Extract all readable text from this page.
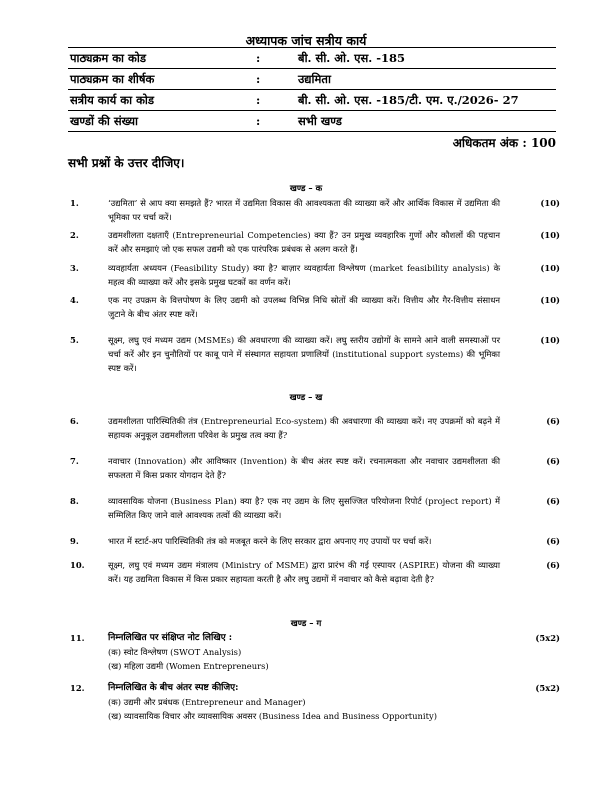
अध्यापक जांच सत्रीय कार्य
पाठ्यक्रम का कोड	:	बी. सी. ओ. एस. -185
पाठ्यक्रम का शीर्षक	:	उद्यमिता
सत्रीय कार्य का कोड	:	बी. सी. ओ. एस. -185/टी. एम. ए./2026- 27
खण्डों की संख्या	:	सभी खण्ड
अधिकतम अंक : 100
सभी प्रश्नों के उत्तर दीजिए।
खण्ड – क
1.	‘उद्यमिता’ से आप क्या समझते हैं? भारत में उद्यमिता विकास की आवश्यकता की व्याख्या करें और आर्थिक विकास में उद्यमिता की भूमिका पर चर्चा करें।
(10)
2.	उद्यमशीलता दक्षताएँ (Entrepreneurial Competencies) क्या हैं? उन प्रमुख व्यवहारिक गुणों और कौशलों की पहचान करें और समझाएं जो एक सफल उद्यमी को एक पारंपरिक प्रबंधक से अलग करते हैं।
(10)
3.	व्यवहार्यता अध्ययन (Feasibility Study) क्या है? बाज़ार व्यवहार्यता विश्लेषण (market feasibility analysis) के महत्व की व्याख्या करें और इसके प्रमुख घटकों का वर्णन करें।
(10)
4.	एक नए उपक्रम के वित्तपोषण के लिए उद्यमी को उपलब्ध विभिन्न निधि स्रोतों की व्याख्या करें। वित्तीय और गैर-वित्तीय संसाधन जुटाने के बीच अंतर स्पष्ट करें।
(10)
5.	सूक्ष्म, लघु एवं मध्यम उद्यम (MSMEs) की अवधारणा की व्याख्या करें। लघु स्तरीय उद्योगों के सामने आने वाली समस्याओं पर चर्चा करें और इन चुनौतियों पर काबू पाने में संस्थागत सहायता प्रणालियों (institutional support systems) की भूमिका स्पष्ट करें।
(10)
खण्ड – ख
6.	उद्यमशीलता पारिस्थितिकी तंत्र (Entrepreneurial Eco-system) की अवधारणा की व्याख्या करें। नए उपक्रमों को बढ़ने में सहायक अनुकूल उद्यमशीलता परिवेश के प्रमुख तत्व क्या हैं?
(6)
7.	नवाचार (Innovation) और आविष्कार (Invention) के बीच अंतर स्पष्ट करें। रचनात्मकता और नवाचार उद्यमशीलता की सफलता में किस प्रकार योगदान देते हैं?
(6)
8.	व्यावसायिक योजना (Business Plan) क्या है? एक नए उद्यम के लिए सुसज्जित परियोजना रिपोर्ट (project report) में सम्मिलित किए जाने वाले आवश्यक तत्वों की व्याख्या करें।
(6)
9.	भारत में स्टार्ट-अप पारिस्थितिकी तंत्र को मजबूत करने के लिए सरकार द्वारा अपनाए गए उपायों पर चर्चा करें।	(6)
10.	सूक्ष्म, लघु एवं मध्यम उद्यम मंत्रालय (Ministry of MSME) द्वारा प्रारंभ की गई एस्पायर (ASPIRE) योजना की व्याख्या करें। यह उद्यमिता विकास में किस प्रकार सहायता करती है और लघु उद्यमों में नवाचार को कैसे बढ़ावा देती है?
(6)
खण्ड – ग
11.	निम्नलिखित पर संक्षिप्त नोट लिखिए :
(क) स्वोट विश्लेषण (SWOT Analysis)
(ख) महिला उद्यमी (Women Entrepreneurs)
(5x2)
12.	निम्नलिखित के बीच अंतर स्पष्ट कीजिए:
(क) उद्यमी और प्रबंधक (Entrepreneur and Manager)
(ख) व्यावसायिक विचार और व्यावसायिक अवसर (Business Idea and Business Opportunity)
(5x2)
